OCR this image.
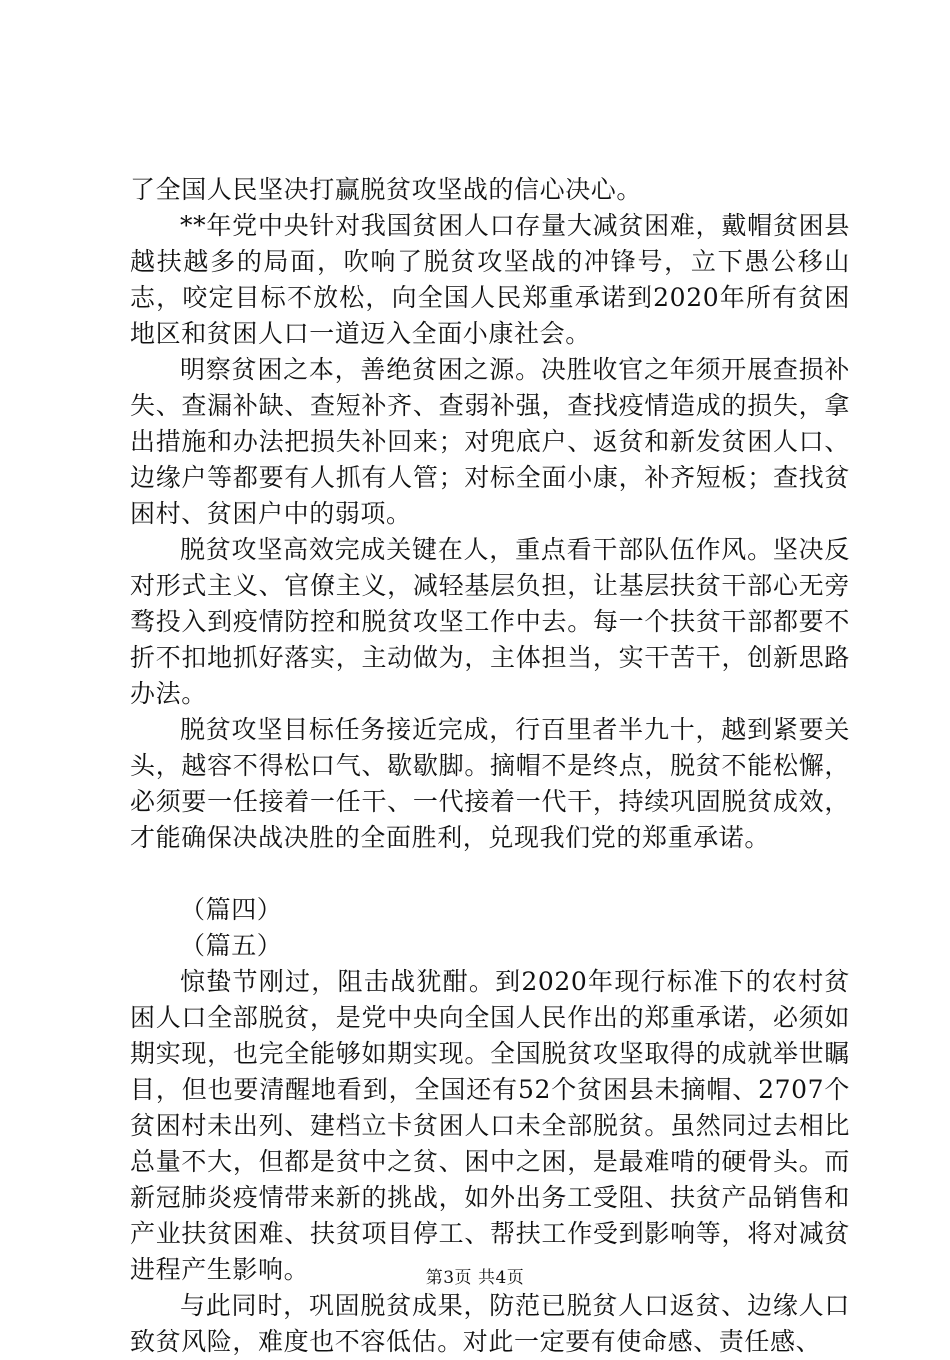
了全国人民坚决打赢脱贫攻坚战的信心决心。

**年党中央针对我国贫困人口存量大减贫困难，戴帽贫困县越扶越多的局面，吹响了脱贫攻坚战的冲锋号，立下愚公移山志，咬定目标不放松，向全国人民郑重承诺到2020年所有贫困地区和贫困人口一道迈入全面小康社会。

明察贫困之本，善绝贫困之源。决胜收官之年须开展查损补失、查漏补缺、查短补齐、查弱补强，查找疫情造成的损失，拿出措施和办法把损失补回来；对兜底户、返贫和新发贫困人口、边缘户等都要有人抓有人管；对标全面小康，补齐短板；查找贫困村、贫困户中的弱项。

脱贫攻坚高效完成关键在人，重点看干部队伍作风。坚决反对形式主义、官僚主义，减轻基层负担，让基层扶贫干部心无旁骛投入到疫情防控和脱贫攻坚工作中去。每一个扶贫干部都要不折不扣地抓好落实，主动做为，主体担当，实干苦干，创新思路办法。

脱贫攻坚目标任务接近完成，行百里者半九十，越到紧要关头，越容不得松口气、歇歇脚。摘帽不是终点，脱贫不能松懈，必须要一任接着一任干、一代接着一代干，持续巩固脱贫成效，才能确保决战决胜的全面胜利，兑现我们党的郑重承诺。

（篇四）

（篇五）

惊蛰节刚过，阻击战犹酣。到2020年现行标准下的农村贫困人口全部脱贫，是党中央向全国人民作出的郑重承诺，必须如期实现，也完全能够如期实现。全国脱贫攻坚取得的成就举世瞩目，但也要清醒地看到，全国还有52个贫困县未摘帽、2707个贫困村未出列、建档立卡贫困人口未全部脱贫。虽然同过去相比总量不大，但都是贫中之贫、困中之困，是最难啃的硬骨头。而新冠肺炎疫情带来新的挑战，如外出务工受阻、扶贫产品销售和产业扶贫困难、扶贫项目停工、帮扶工作受到影响等，将对减贫进程产生影响。

与此同时，巩固脱贫成果，防范已脱贫人口返贫、边缘人口致贫风险，难度也不容低估。对此一定要有使命感、责任感、

第3页 共4页
